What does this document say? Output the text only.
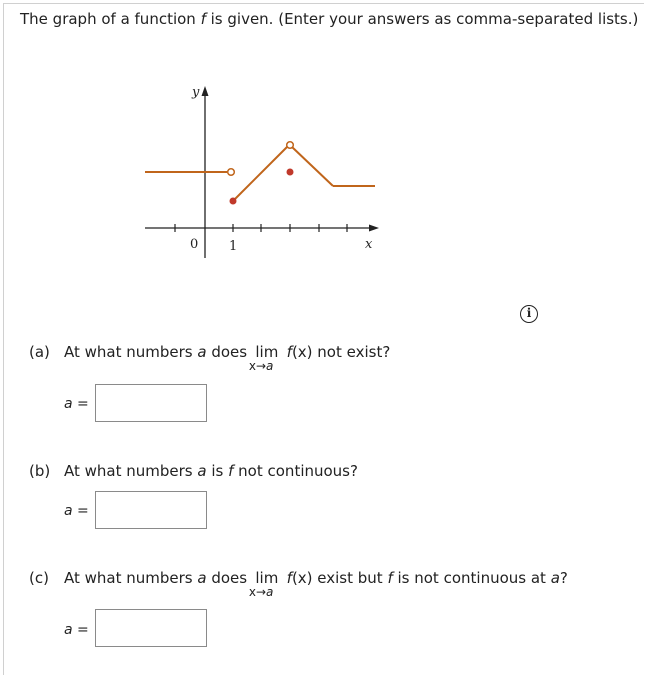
The graph of a function f is given. (Enter your answers as comma-separated lists.)
y
x
0 1
i
(a) At what numbers a does lim
x→a
f(x) not exist?
a =
(b) At what numbers a is f not continuous?
a =
(c) At what numbers a does lim
x→a
f(x) exist but f is not continuous at a?
a =
